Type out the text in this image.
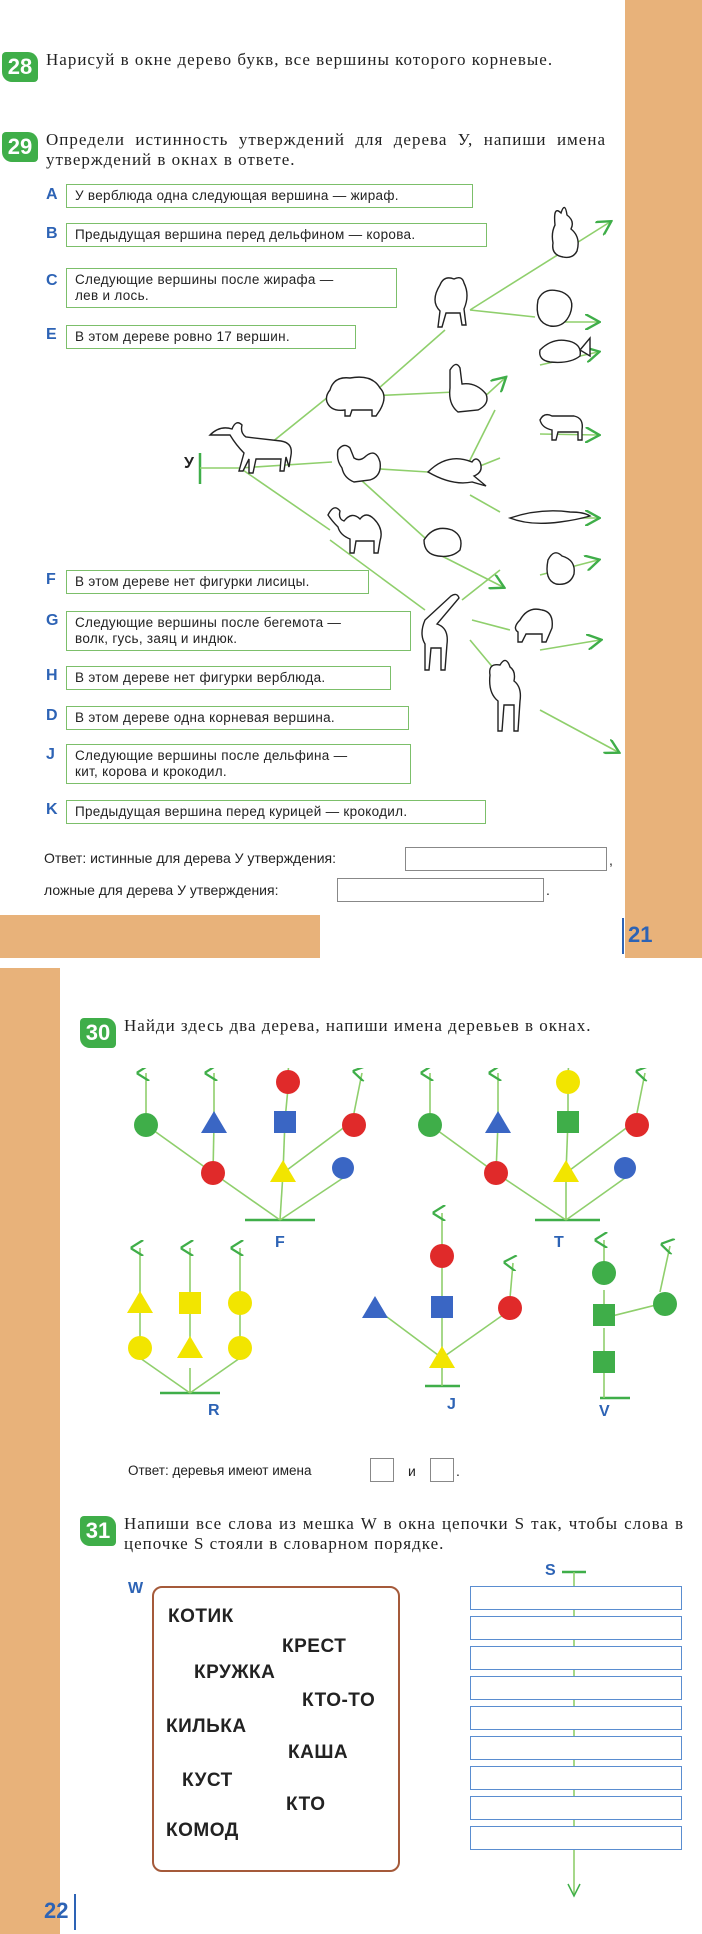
28 Нарисуй в окне дерево букв, все вершины которого корневые.
29 Определи истинность утверждений для дерева У, напиши имена утверждений в окнах в ответе.
A	У верблюда одна следующая вершина — жираф.
B	Предыдущая вершина перед дельфином — корова.
C Следующие вершины после жирафа —
лев и лось.
E	В этом дереве ровно 17 вершин.
У
F	В этом дереве нет фигурки лисицы.
G Следующие вершины после бегемота —
волк, гусь, заяц и индюк.
H	В этом дереве нет фигурки верблюда.
D	В этом дереве одна корневая вершина.
J Следующие вершины после дельфина —
кит, корова и крокодил.
K	Предыдущая вершина перед курицей — крокодил.
Ответ: истинные для дерева У утверждения:	,
ложные для дерева У утверждения:	.
21
30 Найди здесь два дерева, напиши имена деревьев в окнах.
F	T
R	J	V
Ответ: деревья имеют имена	и	.
31 Напиши все слова из мешка W в окна цепочки S так, чтобы слова в цепочке S стояли в словарном порядке.
W
КОТИК
КРЕСТ
КРУЖКА
КТО-ТО
КИЛЬКА
КАША
КУСТ
КТО
КОМОД
S
22
